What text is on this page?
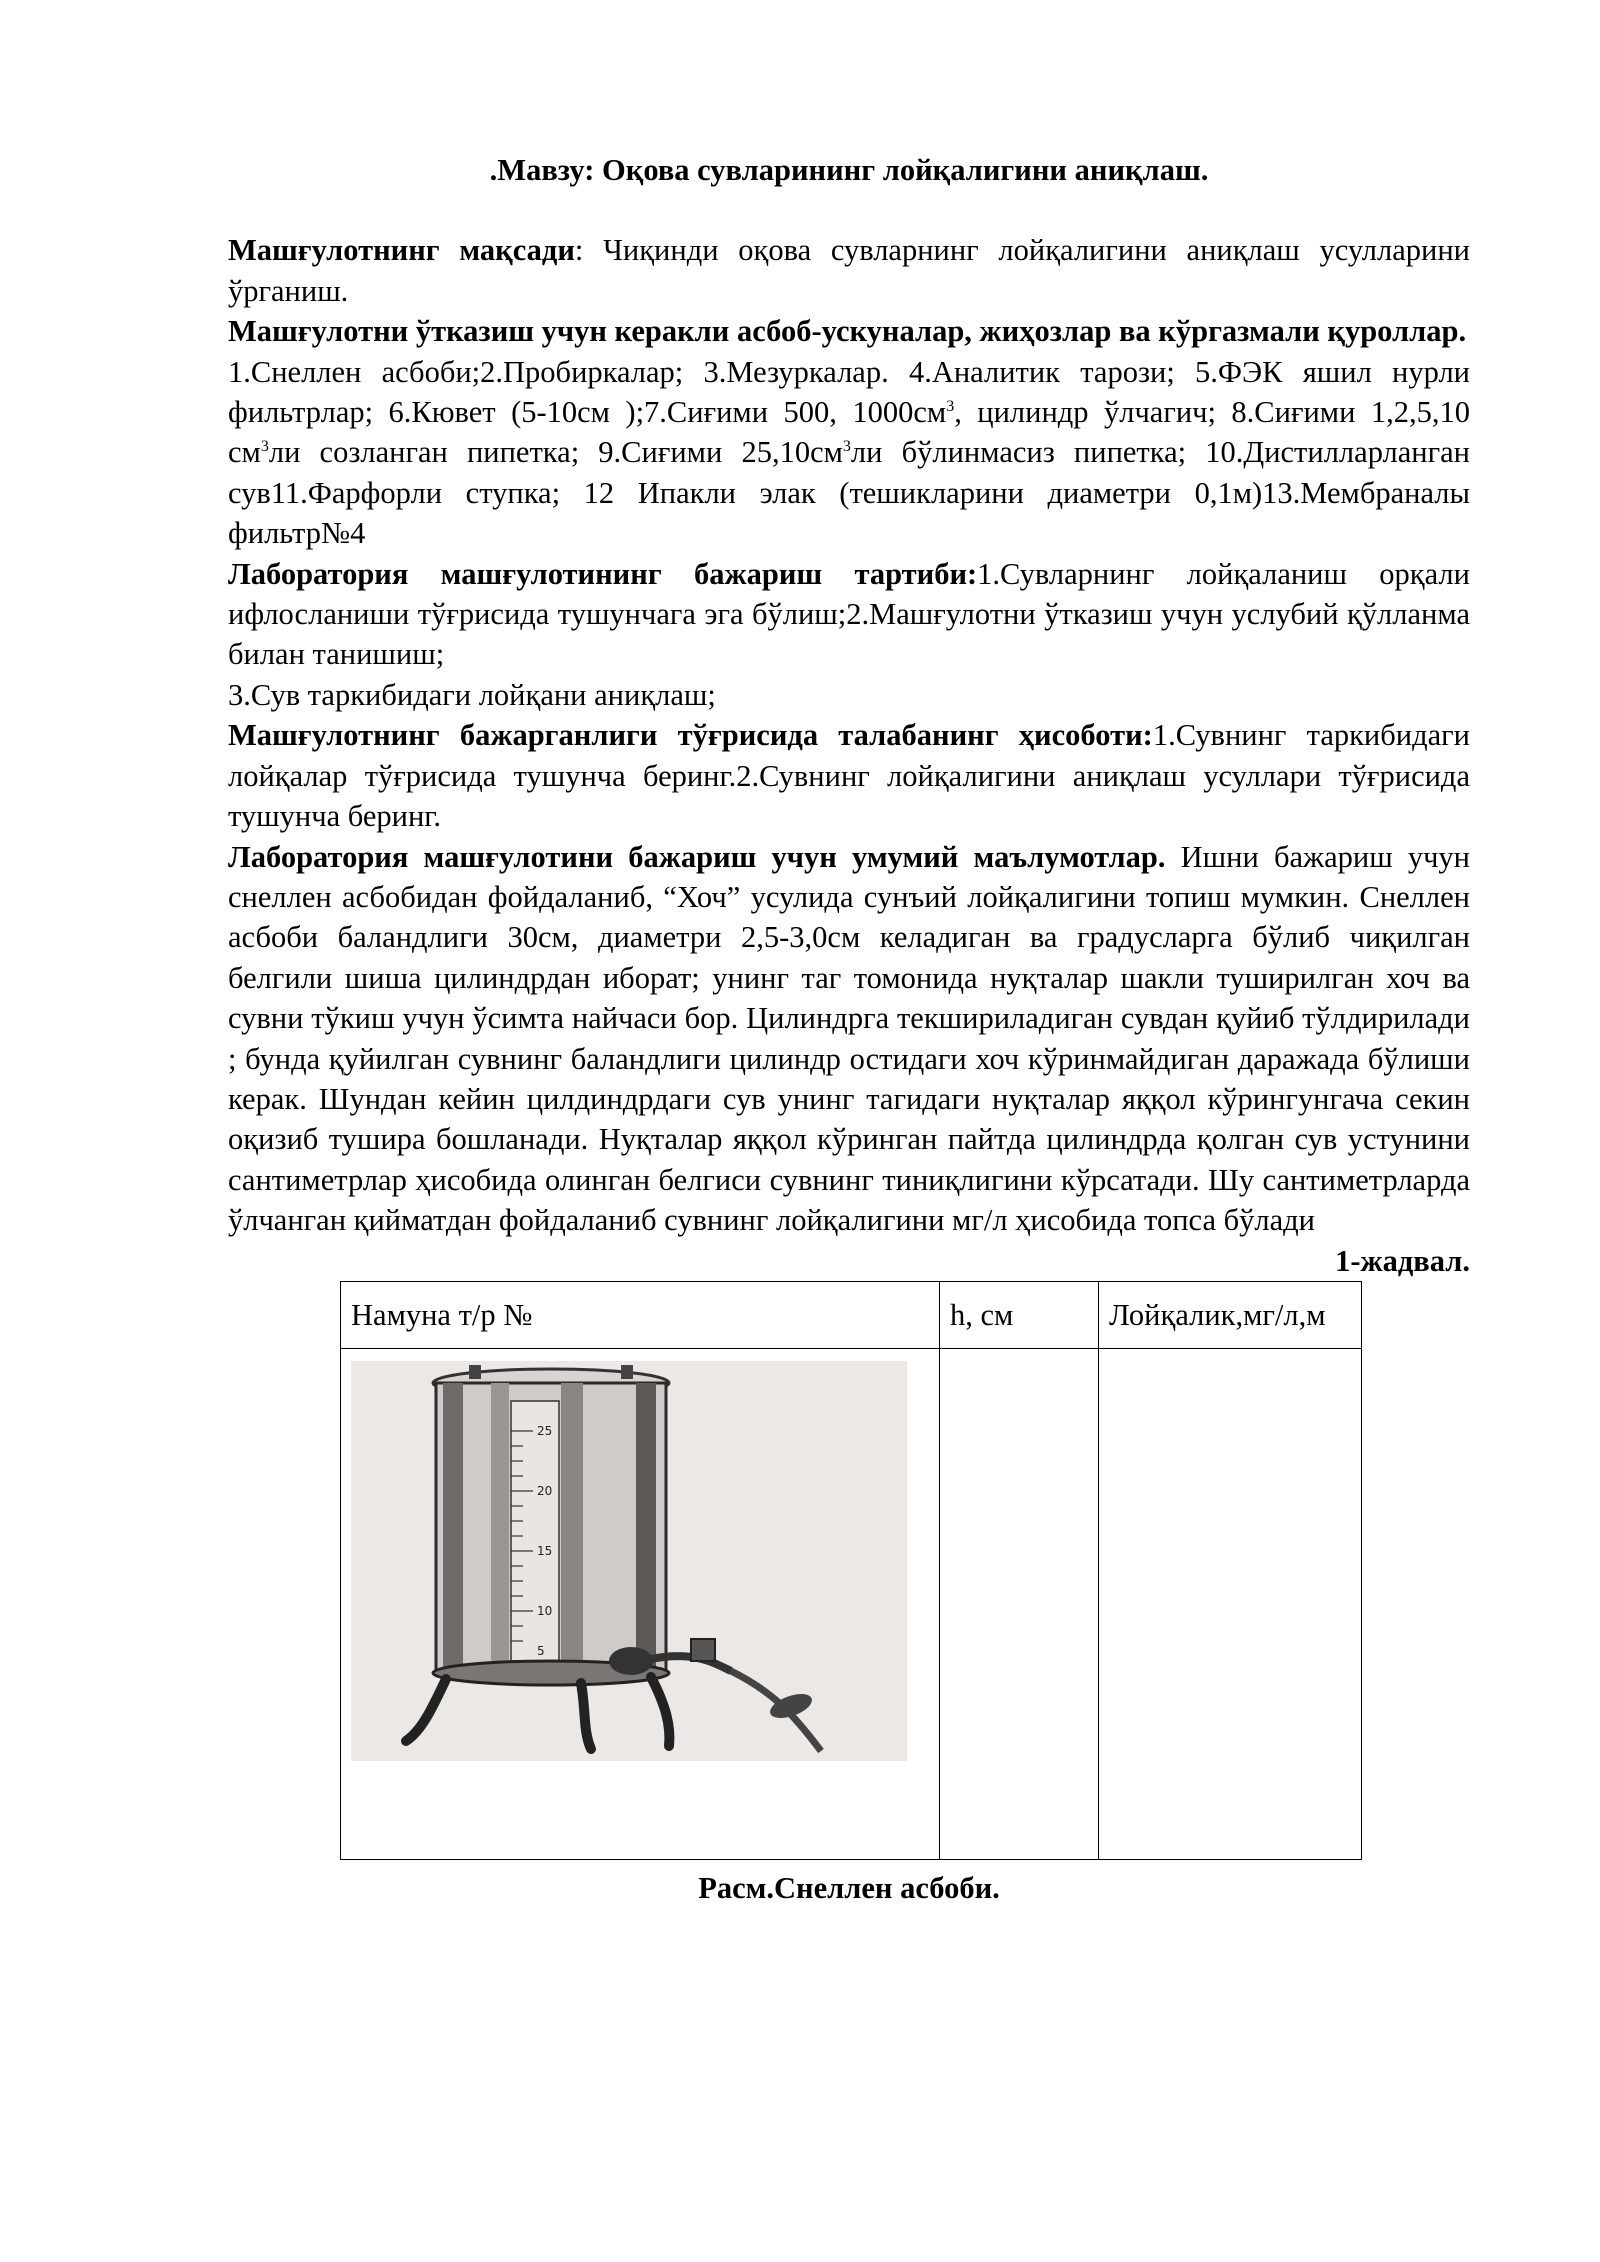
.Мавзу: Оқова сувларининг лойқалигини аниқлаш.

Машғулотнинг мақсади: Чиқинди оқова сувларнинг лойқалигини аниқлаш усулларини ўрганиш.

Машғулотни ўтказиш учун керакли асбоб-ускуналар, жиҳозлар ва кўргазмали қуроллар.

1.Снеллен асбоби;2.Пробиркалар; 3.Мезуркалар. 4.Аналитик тарози; 5.ФЭК яшил нурли фильтрлар; 6.Кювет (5-10см );7.Сиғими 500, $1000см^3$, цилиндр ўлчагич; 8.Сиғими 1,2,5,10 $см^3ли$ созланган пипетка; 9.Сиғими $25,10см^3ли$ бўлинмасиз пипетка; 10.Дистилларланган сув11.Фарфорли ступка; 12 Ипакли элак (тешикларини диаметри 0,1м)13.Мембраналы фильтр№4

Лаборатория машғулотининг бажариш тартиби:1.Сувларнинг лойқаланиш орқали ифлосланиши тўғрисида тушунчага эга бўлиш;2.Машғулотни ўтказиш учун услубий қўлланма билан танишиш;

3.Сув таркибидаги лойқани аниқлаш;

Машғулотнинг бажарганлиги тўғрисида талабанинг ҳисоботи:1.Сувнинг таркибидаги лойқалар тўғрисида тушунча беринг.2.Сувнинг лойқалигини аниқлаш усуллари тўғрисида тушунча беринг.

Лаборатория машғулотини бажариш учун умумий маълумотлар. Ишни бажариш учун снеллен асбобидан фойдаланиб, “Хоч” усулида сунъий лойқалигини топиш мумкин. Снеллен асбоби баландлиги 30см, диаметри 2,5-3,0см келадиган ва градусларга бўлиб чиқилган белгили шиша цилиндрдан иборат; унинг таг томонида нуқталар шакли туширилган хоч ва сувни тўкиш учун ўсимта найчаси бор. Цилиндрга текшириладиган сувдан қуйиб тўлдирилади ; бунда қуйилган сувнинг баландлиги цилиндр остидаги хоч кўринмайдиган даражада бўлиши керак. Шундан кейин цилдиндрдаги сув унинг тагидаги нуқталар яққол кўрингунгача секин оқизиб тушира бошланади. Нуқталар яққол кўринган пайтда цилиндрда қолган сув устунини сантиметрлар ҳисобида олинган белгиси сувнинг тиниқлигини кўрсатади. Шу сантиметрларда ўлчанган қийматдан фойдаланиб сувнинг лойқалигини мг/л ҳисобида топса бўлади

1-жадвал.

Намуна т/р №	h, см	Лойқалик,мг/л,м

25
20
15
10
5		

Расм.Снеллен асбоби.
